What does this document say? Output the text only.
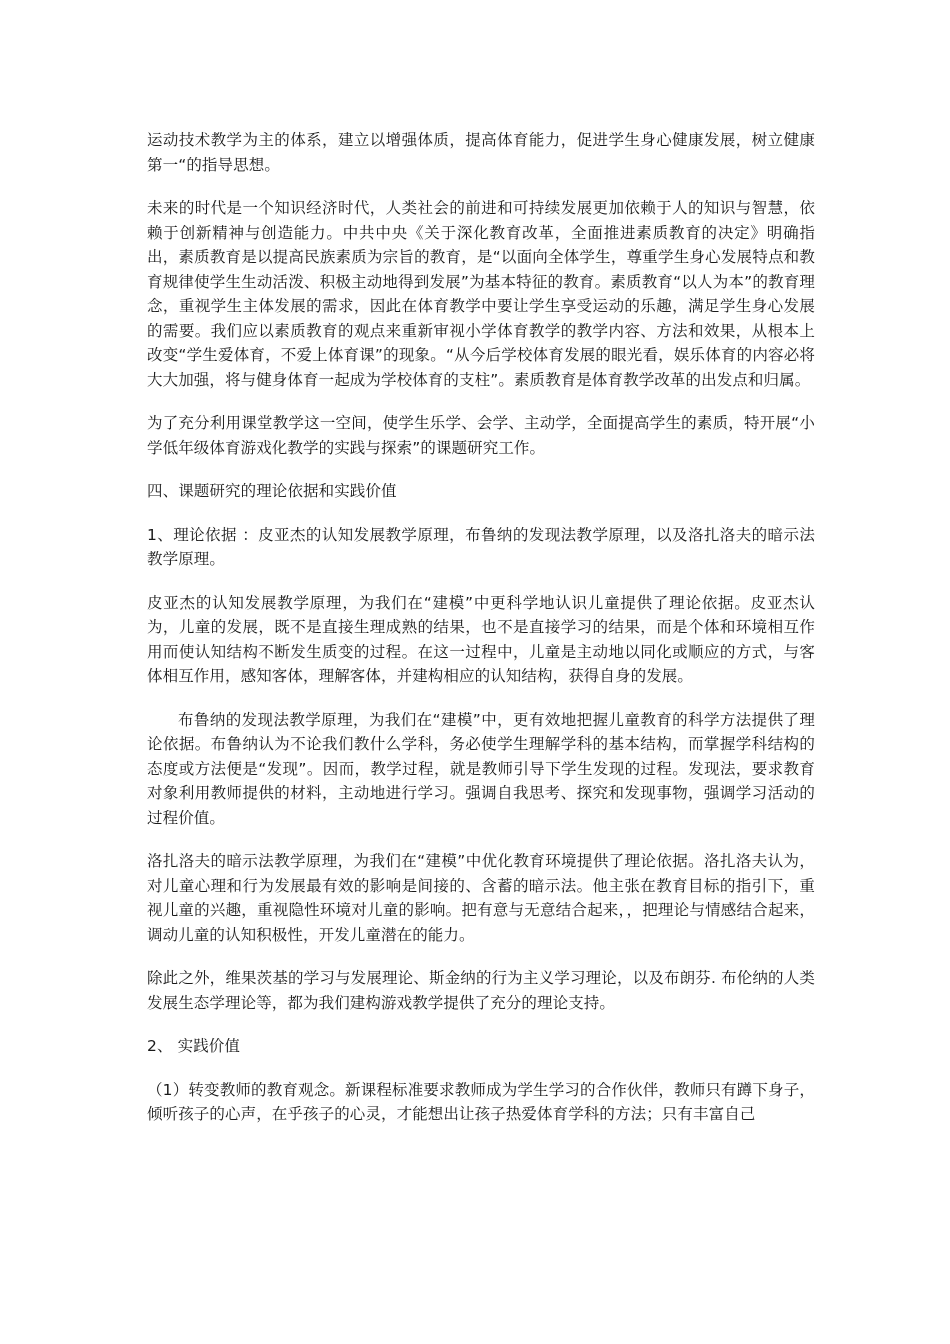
运动技术教学为主的体系，建立以增强体质，提高体育能力，促进学生身心健康发展，树立健康第一“的指导思想。

未来的时代是一个知识经济时代，人类社会的前进和可持续发展更加依赖于人的知识与智慧，依赖于创新精神与创造能力。中共中央《关于深化教育改革，全面推进素质教育的决定》明确指出，素质教育是以提高民族素质为宗旨的教育，是“以面向全体学生，尊重学生身心发展特点和教育规律使学生生动活泼、积极主动地得到发展”为基本特征的教育。素质教育“以人为本”的教育理念，重视学生主体发展的需求，因此在体育教学中要让学生享受运动的乐趣，满足学生身心发展的需要。我们应以素质教育的观点来重新审视小学体育教学的教学内容、方法和效果，从根本上改变“学生爱体育，不爱上体育课”的现象。“从今后学校体育发展的眼光看，娱乐体育的内容必将大大加强，将与健身体育一起成为学校体育的支柱”。素质教育是体育教学改革的出发点和归属。

为了充分利用课堂教学这一空间，使学生乐学、会学、主动学，全面提高学生的素质，特开展“小学低年级体育游戏化教学的实践与探索”的课题研究工作。

四、课题研究的理论依据和实践价值

1、理论依据 ：皮亚杰的认知发展教学原理，布鲁纳的发现法教学原理，以及洛扎洛夫的暗示法教学原理。

皮亚杰的认知发展教学原理，为我们在“建模”中更科学地认识儿童提供了理论依据。皮亚杰认为，儿童的发展，既不是直接生理成熟的结果，也不是直接学习的结果，而是个体和环境相互作用而使认知结构不断发生质变的过程。在这一过程中，儿童是主动地以同化或顺应的方式，与客体相互作用，感知客体，理解客体，并建构相应的认知结构，获得自身的发展。

布鲁纳的发现法教学原理，为我们在“建模”中，更有效地把握儿童教育的科学方法提供了理论依据。布鲁纳认为不论我们教什么学科，务必使学生理解学科的基本结构，而掌握学科结构的态度或方法便是“发现”。因而，教学过程，就是教师引导下学生发现的过程。发现法，要求教育对象利用教师提供的材料，主动地进行学习。强调自我思考、探究和发现事物，强调学习活动的过程价值。

洛扎洛夫的暗示法教学原理，为我们在“建模”中优化教育环境提供了理论依据。洛扎洛夫认为，对儿童心理和行为发展最有效的影响是间接的、含蓄的暗示法。他主张在教育目标的指引下，重视儿童的兴趣，重视隐性环境对儿童的影响。把有意与无意结合起来，，把理论与情感结合起来，调动儿童的认知积极性，开发儿童潜在的能力。

除此之外，维果茨基的学习与发展理论、斯金纳的行为主义学习理论，以及布朗芬. 布伦纳的人类发展生态学理论等，都为我们建构游戏教学提供了充分的理论支持。

2、 实践价值

（1）转变教师的教育观念。新课程标准要求教师成为学生学习的合作伙伴，教师只有蹲下身子，倾听孩子的心声，在乎孩子的心灵，才能想出让孩子热爱体育学科的方法；只有丰富自己
